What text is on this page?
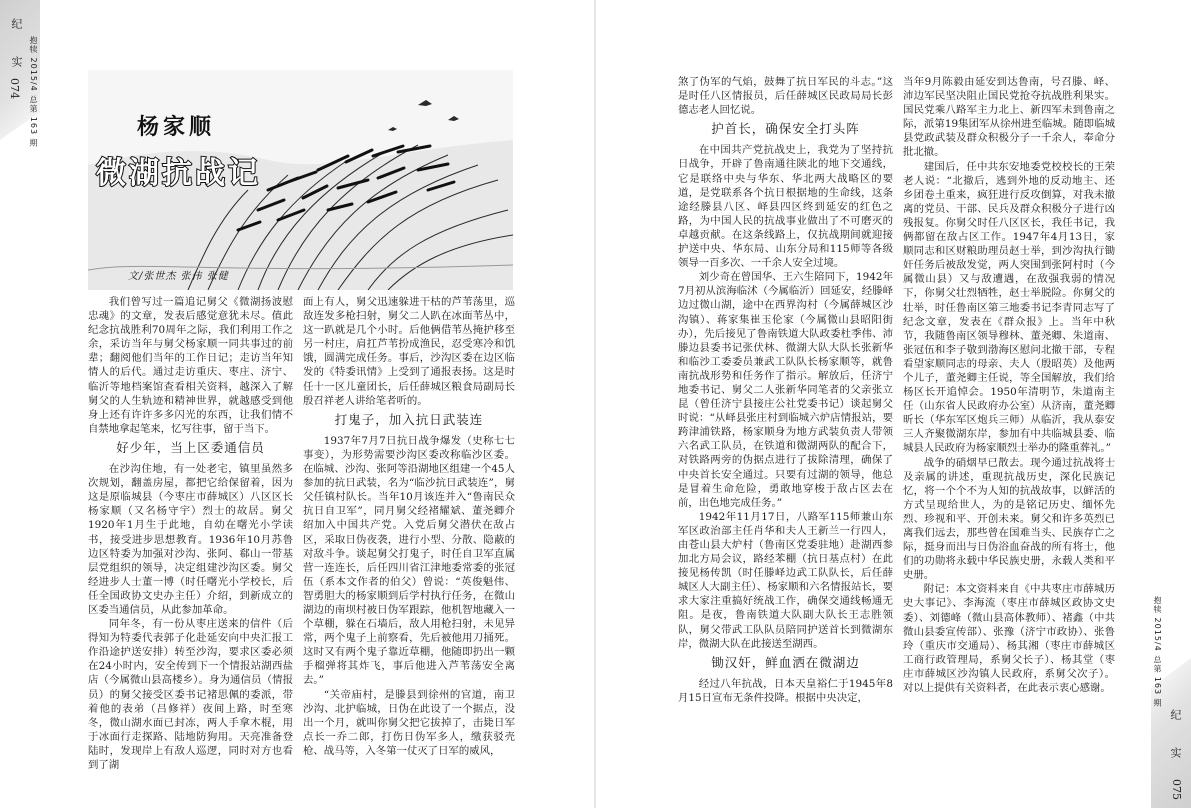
纪　实 抱犊 2015/4 总第 163 期	杨家顺
微湖抗战记
文/张世杰 张伟 张健

我们曾写过一篇追记舅父《微湖扬波慰忠魂》的文章，发表后感觉意犹未尽。值此纪念抗战胜利70周年之际，我们利用工作之余，采访当年与舅父杨家顺一同共事过的前辈；翻阅他们当年的工作日记；走访当年知情人的后代。通过走访重庆、枣庄、济宁、临沂等地档案馆查看相关资料，越深入了解舅父的人生轨迹和精神世界，就越感受到他身上还有许许多多闪光的东西，让我们情不自禁地拿起笔来，忆写往事，留于当下。

好少年，当上区委通信员

在沙沟住地，有一处老宅，镇里虽然多次规划，翻盖房屋，都把它给保留着，因为这是原临城县（今枣庄市薛城区）八区区长杨家顺（又名杨守宇）烈士的故居。舅父1920年1月生于此地，自幼在曙光小学读书，接受进步思想教育。1936年10月苏鲁边区特委为加强对沙沟、张阿、郗山一带基层党组织的领导，决定组建沙沟区委。舅父经进步人士董一博（时任曙光小学校长，后任全国政协文史办主任）介绍，到新成立的区委当通信员，从此参加革命。

同年冬，有一份从枣庄送来的信件（后得知为特委代表郭子化赴延安向中央汇报工作沿途护送安排）转至沙沟，要求区委必须在24小时内，安全传到下一个情报站湖西盐店（今属微山县高楼乡）。身为通信员（情报员）的舅父接受区委书记褚思佩的委派，带着他的表弟（吕修祥）夜间上路，时至寒冬，微山湖水面已封冻，两人手拿木棍，用于冰面行走探路、陆地防狗用。天亮准备登陆时，发现岸上有敌人巡逻，同时对方也看到了湖

面上有人，舅父迅速躲进干枯的芦苇荡里，巡敌连发多枪扫射，舅父二人趴在冰面苇丛中，这一趴就是几个小时。后他俩借苇丛掩护移至另一村庄，肩扛芦苇扮成渔民，忍受寒冷和饥饿，圆满完成任务。事后，沙沟区委在边区临发的《特委讯情》上受到了通报表扬。这是时任十一区儿童团长，后任薛城区粮食局副局长殷召祥老人讲给笔者听的。

打鬼子，加入抗日武装连

1937年7月7日抗日战争爆发（史称七七事变），为形势需要沙沟区委改称临沙区委。在临城、沙沟、张阿等沿湖地区组建一个45人参加的抗日武装，名为“临沙抗日武装连”，舅父任镇村队长。当年10月该连并入“鲁南民众抗日自卫军”，同月舅父经褚耀斌、董尧卿介绍加入中国共产党。入党后舅父潜伏在敌占区，采取日伪夜袭，进行小型、分散、隐蔽的对敌斗争。谈起舅父打鬼子，时任自卫军直属营一连连长，后任四川省江津地委常委的张冠伍（系本文作者的伯父）曾说：“英俊魁伟、智勇胆大的杨家顺到后学村执行任务，在微山湖边的南坝村被日伪军跟踪，他机智地藏入一个草棚，躲在石墙后，敌人用枪扫射，未见异常，两个鬼子上前察看，先后被他用刀捅死。这时又有两个鬼子靠近草棚，他随即扔出一颗手榴弹将其炸飞，事后他进入芦苇荡安全离去。”

“关帝庙村，是滕县到徐州的官道，南卫沙沟、北护临城，日伪在此设了一个据点，没出一个月，就叫你舅父把它拔掉了，击毙日军点长一乔二郎，打伤日伪军多人，缴获驳壳枪、战马等，入冬第一仗灭了日军的威风，	纪　实
抱犊 2015/4 总第 163 期

煞了伪军的气焰，鼓舞了抗日军民的斗志。”这是时任八区情报员，后任薛城区民政局局长彭德志老人回忆说。

护首长，确保安全打头阵

在中国共产党抗战史上，我党为了坚持抗日战争，开辟了鲁南通往陕北的地下交通线，它是联络中央与华东、华北两大战略区的要道，是党联系各个抗日根据地的生命线，这条途经滕县八区、峄县四区终到延安的红色之路，为中国人民的抗战事业做出了不可磨灭的卓越贡献。在这条线路上，仅抗战期间就迎接护送中央、华东局、山东分局和115师等各级领导一百多次、一千余人安全过境。

刘少奇在曾国华、王六生陪同下，1942年7月初从滨海临沭（今属临沂）回延安，经滕峄边过微山湖，途中在西界沟村（今属薛城区沙沟镇）、蒋家集崔玉伦家（今属微山县昭阳街办），先后接见了鲁南铁道大队政委杜季伟、沛滕边县委书记张伏林、微湖大队大队长张新华和临沙工委委员兼武工队队长杨家顺等，就鲁南抗战形势和任务作了指示。解放后，任济宁地委书记、舅父二人张新华同笔者的父亲张立昆（曾任济宁县接庄公社党委书记）谈起舅父时说：“从峄县张庄村到临城六炉店情报站，要跨津浦铁路，杨家顺身为地方武装负责人带领六名武工队员，在铁道和微湖两队的配合下，对铁路两旁的伪据点进行了拔除清理，确保了中央首长安全通过。只要有过湖的领导，他总是冒着生命危险，勇敢地穿梭于敌占区去在前，出色地完成任务。”

1942年11月17日，八路军115师兼山东军区政治部主任肖华和夫人王新兰一行四人，由苍山县大炉村（鲁南区党委驻地）赴湖西参加北方局会议，路经苯棚（抗日基点村）在此接见杨传凯（时任滕峄边武工队队长，后任薛城区人大副主任）、杨家顺和六名情报站长，要求大家注重搞好统战工作，确保交通线畅通无阻。是夜，鲁南铁道大队副大队长王志胜领队，舅父带武工队队员陪同护送首长到微湖东岸，微湖大队在此接送至湖西。

锄汉奸，鲜血洒在微湖边

经过八年抗战，日本天皇裕仁于1945年8月15日宣布无条件投降。根据中央决定，

当年9月陈毅由延安到达鲁南，号召滕、峄、沛边军民坚决阻止国民党抢夺抗战胜利果实。国民党乘八路军主力北上、新四军未到鲁南之际，派第19集团军从徐州进至临城。随即临城县党政武装及群众积极分子一千余人，奉命分批北撤。

建国后，任中共东安地委党校校长的王荣老人说：“北撤后，逃到外地的反动地主、还乡团卷土重来，疯狂进行反攻倒算，对我未撤离的党员、干部、民兵及群众积极分子进行凶残报复。你舅父时任八区区长，我任书记，我俩都留在敌占区工作。1947年4月13日，家顺同志和区财粮助理员赵士举，到沙沟执行锄奸任务后被敌发觉，两人突围到张阿村时（今属微山县）又与敌遭遇，在敌强我弱的情况下，你舅父壮烈牺牲，赵士举脱险。你舅父的壮举，时任鲁南区第三地委书记李青同志写了纪念文章，发表在《群众报》上。当年中秋节，我随鲁南区领导穆林、董尧卿、朱道南、张冠伍和李子敬到渤海区慰问北撤干部，专程看望家顺同志的母亲、夫人（殷昭英）及他两个儿子，董尧卿主任说，等全国解放，我们给杨区长开追悼会。1950年清明节，朱道南主任（山东省人民政府办公室）从济南，董尧卿昕长（华东军区炮兵三师）从临沂，我从泰安三人齐聚微湖东岸，参加有中共临城县委、临城县人民政府为杨家顺烈士举办的隆重葬礼。”

战争的硝烟早已散去。现今通过抗战将士及亲属的讲述，重现抗战历史，深化民族记忆，将一个个不为人知的抗战故事，以鲜活的方式呈现给世人，为的是铭记历史、缅怀先烈、珍视和平、开创未来。舅父和许多英烈已离我们远去，那些曾在国难当头、民族存亡之际，挺身而出与日伪浴血奋战的所有将士，他们的功勋将永载中华民族史册，永载人类和平史册。

附记：本文资料来自《中共枣庄市薛城历史大事记》、李海流（枣庄市薛城区政协文史委）、刘德峰（微山县高体教师）、褚鑫（中共微山县委宣传部）、张豫（济宁市政协）、张鲁玲（重庆市交通局）、杨其湘（枣庄市薛城区工商行政管理局，系舅父长子）、杨其堂（枣庄市薛城区沙沟镇人民政府，系舅父次子）。对以上提供有关资料者，在此表示衷心感谢。

074
075
